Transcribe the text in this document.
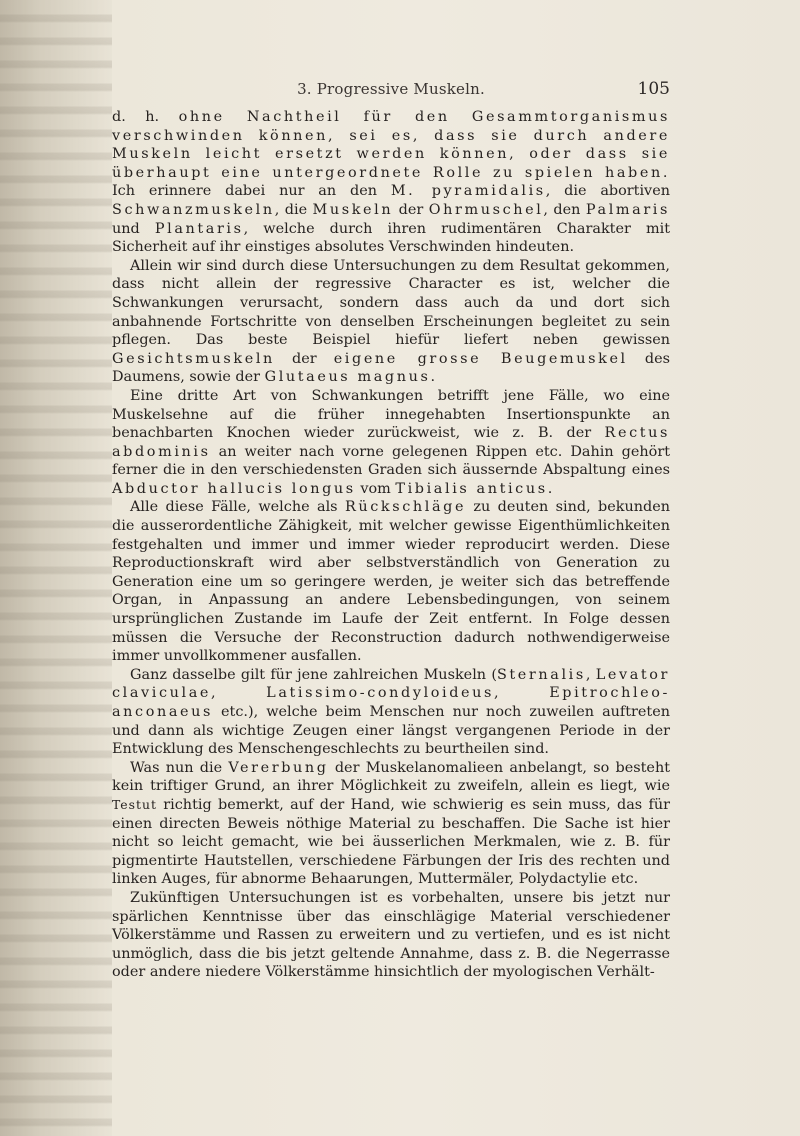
3. Progressive Muskeln.	105

d. h. ohne Nachtheil für den Gesammtorganismus verschwinden können, sei es, dass sie durch andere Muskeln leicht ersetzt werden können, oder dass sie überhaupt eine untergeordnete Rolle zu spielen haben. Ich erinnere dabei nur an den M. pyramidalis, die abortiven Schwanzmuskeln, die Muskeln der Ohrmuschel, den Palmaris und Plantaris, welche durch ihren rudimentären Charakter mit Sicherheit auf ihr einstiges absolutes Verschwinden hindeuten.

Allein wir sind durch diese Untersuchungen zu dem Resultat gekommen, dass nicht allein der regressive Character es ist, welcher die Schwankungen verursacht, sondern dass auch da und dort sich anbahnende Fortschritte von denselben Erscheinungen begleitet zu sein pflegen. Das beste Beispiel hiefür liefert neben gewissen Gesichtsmuskeln der eigene grosse Beugemuskel des Daumens, sowie der Glutaeus magnus.

Eine dritte Art von Schwankungen betrifft jene Fälle, wo eine Muskelsehne auf die früher innegehabten Insertionspunkte an benachbarten Knochen wieder zurückweist, wie z. B. der Rectus abdominis an weiter nach vorne gelegenen Rippen etc. Dahin gehört ferner die in den verschiedensten Graden sich äussernde Abspaltung eines Abductor hallucis longus vom Tibialis anticus.

Alle diese Fälle, welche als Rückschläge zu deuten sind, bekunden die ausserordentliche Zähigkeit, mit welcher gewisse Eigenthümlichkeiten festgehalten und immer und immer wieder reproducirt werden. Diese Reproductionskraft wird aber selbstverständlich von Generation zu Generation eine um so geringere werden, je weiter sich das betreffende Organ, in Anpassung an andere Lebensbedingungen, von seinem ursprünglichen Zustande im Laufe der Zeit entfernt. In Folge dessen müssen die Versuche der Reconstruction dadurch nothwendigerweise immer unvollkommener ausfallen.

Ganz dasselbe gilt für jene zahlreichen Muskeln (Sternalis, Levator claviculae, Latissimo-condyloideus, Epitrochleo-anconaeus etc.), welche beim Menschen nur noch zuweilen auftreten und dann als wichtige Zeugen einer längst vergangenen Periode in der Entwicklung des Menschengeschlechts zu beurtheilen sind.

Was nun die Vererbung der Muskelanomalieen anbelangt, so besteht kein triftiger Grund, an ihrer Möglichkeit zu zweifeln, allein es liegt, wie Testut richtig bemerkt, auf der Hand, wie schwierig es sein muss, das für einen directen Beweis nöthige Material zu beschaffen. Die Sache ist hier nicht so leicht gemacht, wie bei äusserlichen Merkmalen, wie z. B. für pigmentirte Hautstellen, verschiedene Färbungen der Iris des rechten und linken Auges, für abnorme Behaarungen, Muttermäler, Polydactylie etc.

Zukünftigen Untersuchungen ist es vorbehalten, unsere bis jetzt nur spärlichen Kenntnisse über das einschlägige Material verschiedener Völkerstämme und Rassen zu erweitern und zu vertiefen, und es ist nicht unmöglich, dass die bis jetzt geltende Annahme, dass z. B. die Negerrasse oder andere niedere Völkerstämme hinsichtlich der myologischen Verhält-
